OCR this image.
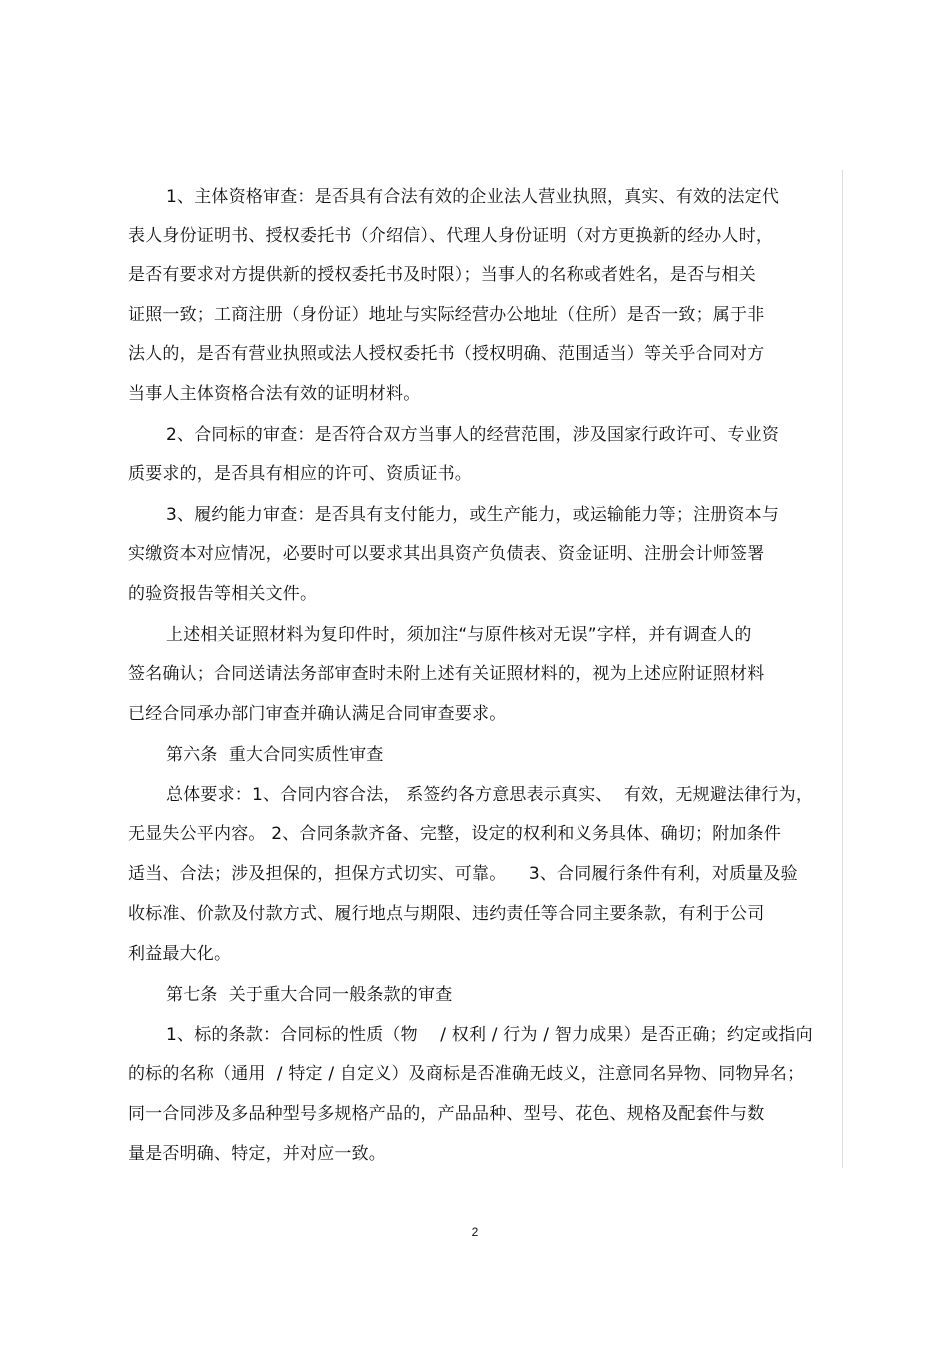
1、主体资格审查：是否具有合法有效的企业法人营业执照，真实、有效的法定代
表人身份证明书、授权委托书（介绍信）、代理人身份证明（对方更换新的经办人时，
是否有要求对方提供新的授权委托书及时限）；当事人的名称或者姓名，是否与相关
证照一致；工商注册（身份证）地址与实际经营办公地址（住所）是否一致；属于非
法人的，是否有营业执照或法人授权委托书（授权明确、范围适当）等关乎合同对方
当事人主体资格合法有效的证明材料。
2、合同标的审查：是否符合双方当事人的经营范围，涉及国家行政许可、专业资
质要求的，是否具有相应的许可、资质证书。
3、履约能力审查：是否具有支付能力，或生产能力，或运输能力等；注册资本与
实缴资本对应情况，必要时可以要求其出具资产负债表、资金证明、注册会计师签署
的验资报告等相关文件。
上述相关证照材料为复印件时，须加注“与原件核对无误”字样，并有调查人的
签名确认；合同送请法务部审查时未附上述有关证照材料的，视为上述应附证照材料
已经合同承办部门审查并确认满足合同审查要求。
第六条  重大合同实质性审查
总体要求：1、合同内容合法， 系签约各方意思表示真实、  有效，无规避法律行为，
无显失公平内容。 2、合同条款齐备、完整，设定的权利和义务具体、确切；附加条件
适当、合法；涉及担保的，担保方式切实、可靠。    3、合同履行条件有利，对质量及验
收标准、价款及付款方式、履行地点与期限、违约责任等合同主要条款，有利于公司
利益最大化。
第七条  关于重大合同一般条款的审查
1、标的条款：合同标的性质（物    / 权利 / 行为 / 智力成果）是否正确；约定或指向
的标的名称（通用  / 特定 / 自定义）及商标是否准确无歧义，注意同名异物、同物异名；
同一合同涉及多品种型号多规格产品的，产品品种、型号、花色、规格及配套件与数
量是否明确、特定，并对应一致。
2
